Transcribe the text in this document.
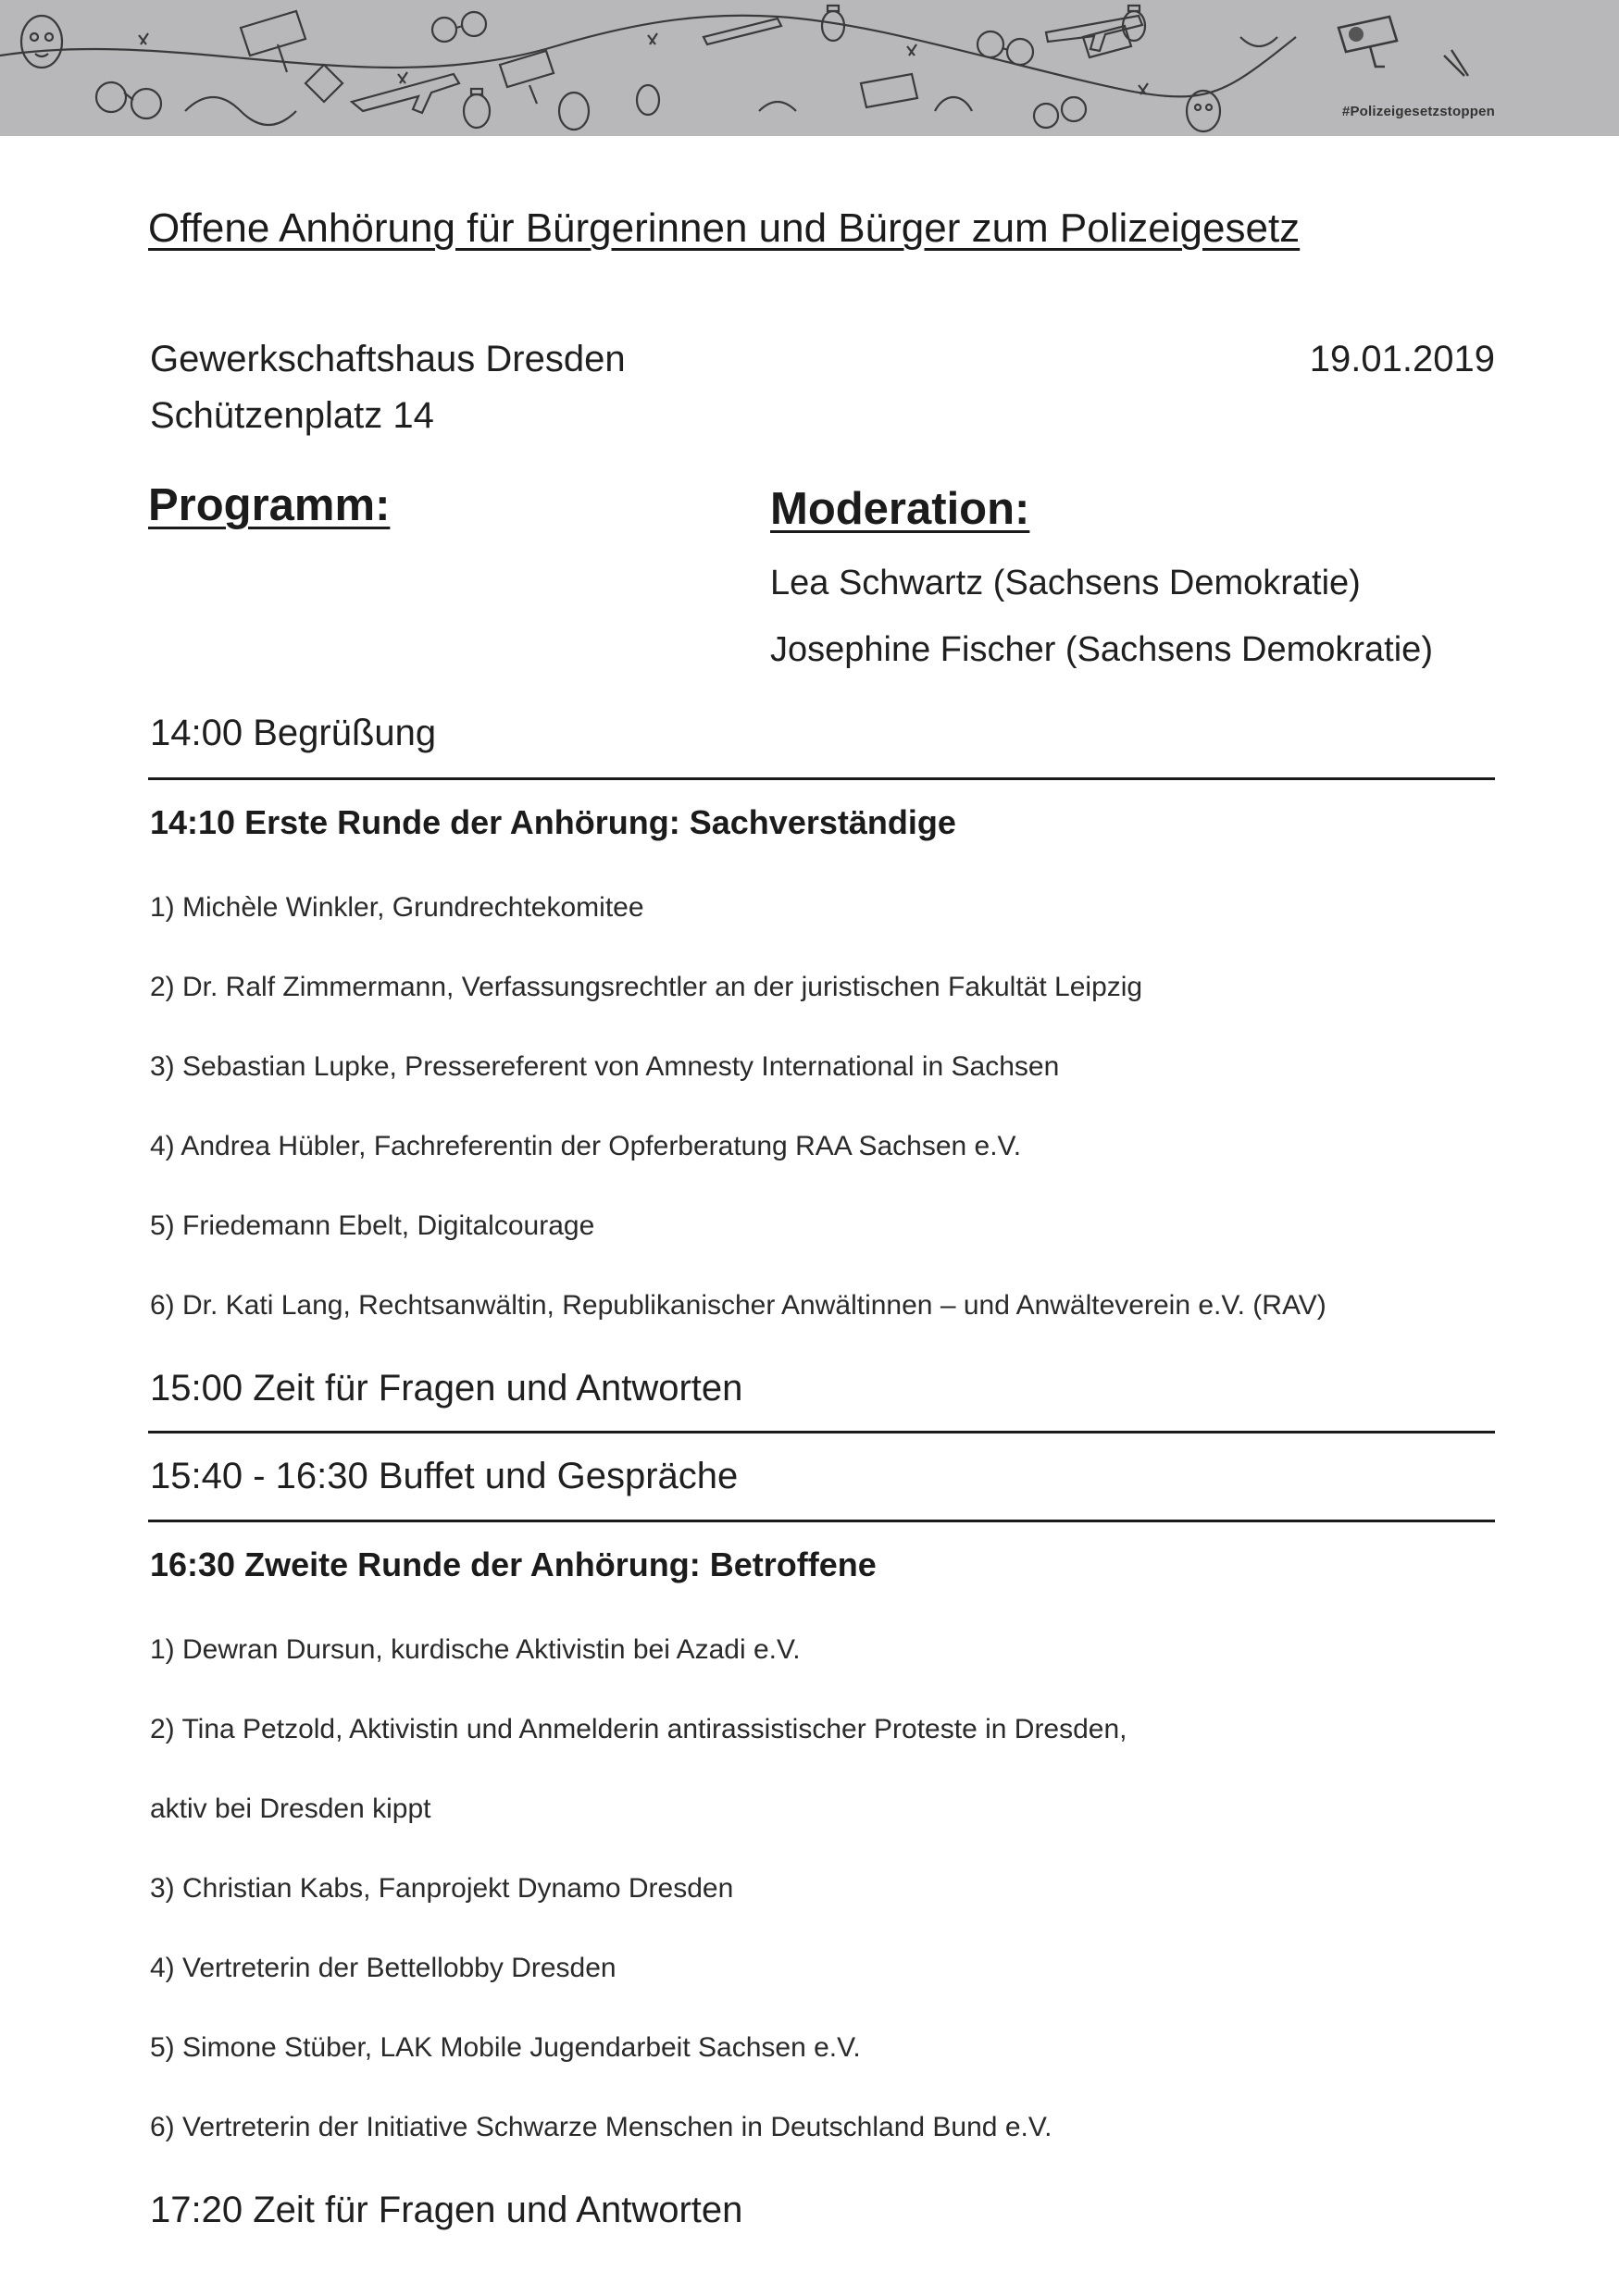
#Polizeigesetzstoppen
Offene Anhörung für Bürgerinnen und Bürger zum Polizeigesetz
Gewerkschaftshaus Dresden
Schützenplatz 14
19.01.2019
Programm:	Moderation:
Lea Schwartz (Sachsens Demokratie)
Josephine Fischer (Sachsens Demokratie)
14:00 Begrüßung
14:10 Erste Runde der Anhörung: Sachverständige
1) Michèle Winkler, Grundrechtekomitee
2) Dr. Ralf Zimmermann, Verfassungsrechtler an der juristischen Fakultät Leipzig
3) Sebastian Lupke, Pressereferent von Amnesty International in Sachsen
4) Andrea Hübler, Fachreferentin der Opferberatung RAA Sachsen e.V.
5) Friedemann Ebelt, Digitalcourage
6) Dr. Kati Lang, Rechtsanwältin, Republikanischer Anwältinnen – und Anwälteverein e.V. (RAV)
15:00 Zeit für Fragen und Antworten
15:40 - 16:30 Buffet und Gespräche
16:30 Zweite Runde der Anhörung: Betroffene
1) Dewran Dursun, kurdische Aktivistin bei Azadi e.V.
2) Tina Petzold, Aktivistin und Anmelderin antirassistischer Proteste in Dresden,
aktiv bei Dresden kippt
3) Christian Kabs, Fanprojekt Dynamo Dresden
4) Vertreterin der Bettellobby Dresden
5) Simone Stüber, LAK Mobile Jugendarbeit Sachsen e.V.
6) Vertreterin der Initiative Schwarze Menschen in Deutschland Bund e.V.
17:20 Zeit für Fragen und Antworten
